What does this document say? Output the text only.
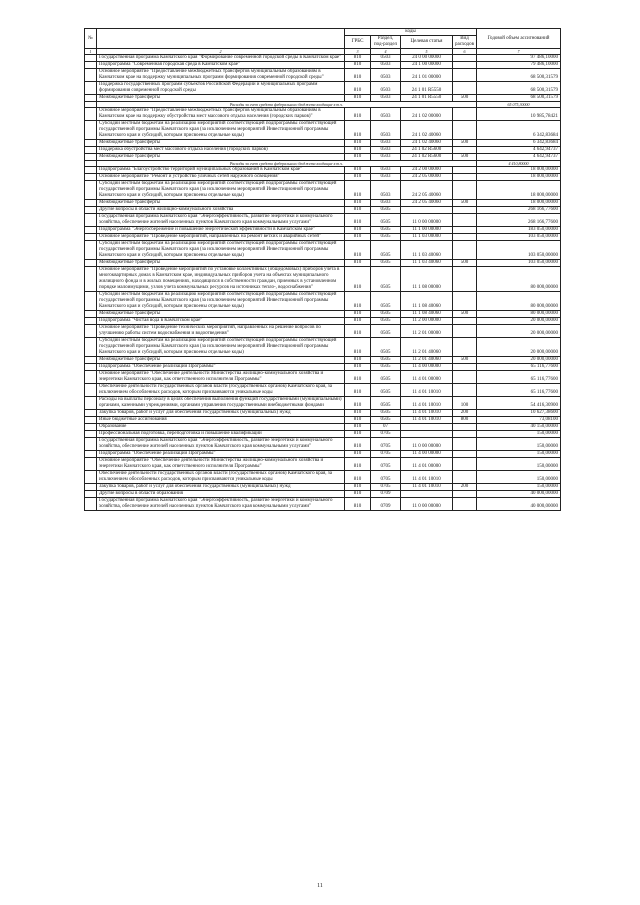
№		коды				Годовой объем ассигнований
		ГРБС	Раздел, под-раздел	Целевая статья	Вид расходов	
1	2	3	4	5	6	7
	Государственная программа Камчатского края "Формирование современной городской среды в Камчатском крае"	810	0503	24 0 00 00000		97 486,10000
	Подпрограмма "Современная городская среда в Камчатском крае"	810	0503	24 1 00 00000		79 486,10000
	Основное мероприятие "Предоставление межбюджетных трансфертов муниципальным образованиям в Камчатском крае на поддержку муниципальных программ формирования современной городской среды"	810	0503	24 1 01 00000		68 500,31579
	Поддержка государственных программ субъектов Российской Федерации и муниципальных программ формирования современной городской среды	810	0503	24 1 01 R5550		68 500,31579
	Межбюджетные трансферты	810	0503	24 1 01 R5550	500	68 500,31579
	Расходы за счет средств федерального бюджета входящие в т.ч.					65 075,30000
	Основное мероприятие "Предоставление межбюджетных трансфертов муниципальным образованиям в Камчатском крае на поддержку обустройства мест массового отдыха населения (городских парков)"	810	0503	24 1 02 00000		10 985,78421
	Субсидии местным бюджетам на реализацию мероприятий соответствующей подпрограммы соответствующей государственной программы Камчатского края (за исключением мероприятий Инвестиционной программы Камчатского края и субсидий, которым присвоены отдельные коды)	810	0503	24 1 02 40060		6 342,83684
	Межбюджетные трансферты	810	0503	24 1 02 40060	500	6 342,83684
	Поддержка обустройства мест массового отдыха населения (городских парков)	810	0503	24 1 02 R5600		4 642,94737
	Межбюджетные трансферты	810	0503	24 1 02 R5600	500	4 642,94737
	Расходы за счет средств федерального бюджета входящие в т.ч.					4 410,80000
	Подпрограмма "Благоустройство территорий муниципальных образований в Камчатском крае"	810	0503	24 2 00 00000		18 000,00000
	Основное мероприятие "Ремонт и устройство уличных сетей наружного освещения"	810	0503	24 2 05 00000		18 000,00000
	Субсидии местным бюджетам на реализацию мероприятий соответствующей подпрограммы соответствующей государственной программы Камчатского края (за исключением мероприятий Инвестиционной программы Камчатского края и субсидий, которым присвоены отдельные коды)	810	0503	24 2 05 40060		18 000,00000
	Межбюджетные трансферты	810	0503	24 2 05 40060	500	18 000,00000
	Другие вопросы в области жилищно-коммунального хозяйства	810	0505			268 166,77600
	Государственная программа Камчатского края "Энергоэффективность, развитие энергетики и коммунального хозяйства, обеспечение жителей населенных пунктов Камчатского края коммунальными услугами"	810	0505	11 0 00 00000		268 166,77600
	Подпрограмма "Энергосбережение и повышение энергетической эффективности в Камчатском крае"	810	0505	11 1 00 00000		183 050,00000
	Основное мероприятие "Проведение мероприятий, направленных на ремонт ветхих и аварийных сетей"	810	0505	11 1 03 00000		103 050,00000
	Субсидии местным бюджетам на реализацию мероприятий соответствующей подпрограммы соответствующей государственной программы Камчатского края (за исключением мероприятий Инвестиционной программы Камчатского края и субсидий, которым присвоены отдельные коды)	810	0505	11 1 03 40060		103 050,00000
	Межбюджетные трансферты	810	0505	11 1 03 40060	500	103 050,00000
	Основное мероприятие "Проведение мероприятий по установке коллективных (общедомовых) приборов учета в многоквартирных домах в Камчатском крае, индивидуальных приборов учета на объектах муниципального жилищного фонда и в жилых помещениях, находящихся в собственности граждан, приемных в установленном порядке малоимущими, узлов учета коммунальных ресурсов на источниках тепло-, водоснабжения"	810	0505	11 1 08 00000		80 000,00000
	Субсидии местным бюджетам на реализацию мероприятий соответствующей подпрограммы соответствующей государственной программы Камчатского края (за исключением мероприятий Инвестиционной программы Камчатского края и субсидий, которым присвоены отдельные коды)	810	0505	11 1 08 40060		80 000,00000
	Межбюджетные трансферты	810	0505	11 1 08 40060	500	80 000,00000
	Подпрограмма "Чистая вода в Камчатском крае"	810	0505	11 2 00 00000		20 000,00000
	Основное мероприятие "Проведение технических мероприятий, направленных на решение вопросов по улучшению работы систем водоснабжения и водоотведения"	810	0505	11 2 01 00000		20 000,00000
	Субсидии местным бюджетам на реализацию мероприятий соответствующей подпрограммы соответствующей государственной программы Камчатского края (за исключением мероприятий Инвестиционной программы Камчатского края и субсидий, которым присвоены отдельные коды)	810	0505	11 2 01 40060		20 000,00000
	Межбюджетные трансферты	810	0505	11 2 01 40060	500	20 000,00000
	Подпрограмма "Обеспечение реализации Программы"	810	0505	11 4 00 00000		65 116,77600
	Основное мероприятие "Обеспечение деятельности Министерства жилищно-коммунального хозяйства и энергетики Камчатского края, как ответственного исполнителя Программы"	810	0505	11 4 01 00000		65 116,77600
	Обеспечение деятельности государственных органов власти (государственных органов) Камчатского края, за исключением обособленных расходов, которым присваиваются уникальные коды	810	0505	11 4 01 10010		65 116,77600
	Расходы на выплаты персоналу в целях обеспечения выполнения функций государственными (муниципальными) органами, казенными учреждениями, органами управления государственными внебюджетными фондами	810	0505	11 4 01 10010	100	54 416,30900
	Закупка товаров, работ и услуг для обеспечения государственных (муниципальных) нужд	810	0505	11 4 01 10010	200	10 627,38600
	Иные бюджетные ассигнования	810	0505	11 4 01 10010	800	73,08100
	Образование	810	07			40 150,00000
	Профессиональная подготовка, переподготовка и повышение квалификации	810	0705			150,00000
	Государственная программа Камчатского края "Энергоэффективность, развитие энергетики и коммунального хозяйства, обеспечение жителей населенных пунктов Камчатского края коммунальными услугами"	810	0705	11 0 00 00000		150,00000
	Подпрограмма "Обеспечение реализации Программы"	810	0705	11 4 00 00000		150,00000
	Основное мероприятие "Обеспечение деятельности Министерства жилищно-коммунального хозяйства и энергетики Камчатского края, как ответственного исполнителя Программы"	810	0705	11 4 01 00000		150,00000
	Обеспечение деятельности государственных органов власти (государственных органов) Камчатского края, за исключением обособленных расходов, которым присваиваются уникальные коды	810	0705	11 4 01 10010		150,00000
	Закупка товаров, работ и услуг для обеспечения государственных (муниципальных) нужд	810	0705	11 4 01 10010	200	150,00000
	Другие вопросы в области образования	810	0709			40 000,00000
	Государственная программа Камчатского края "Энергоэффективность, развитие энергетики и коммунального хозяйства, обеспечение жителей населенных пунктов Камчатского края коммунальными услугами"	810	0709	11 0 00 00000		40 000,00000
11
